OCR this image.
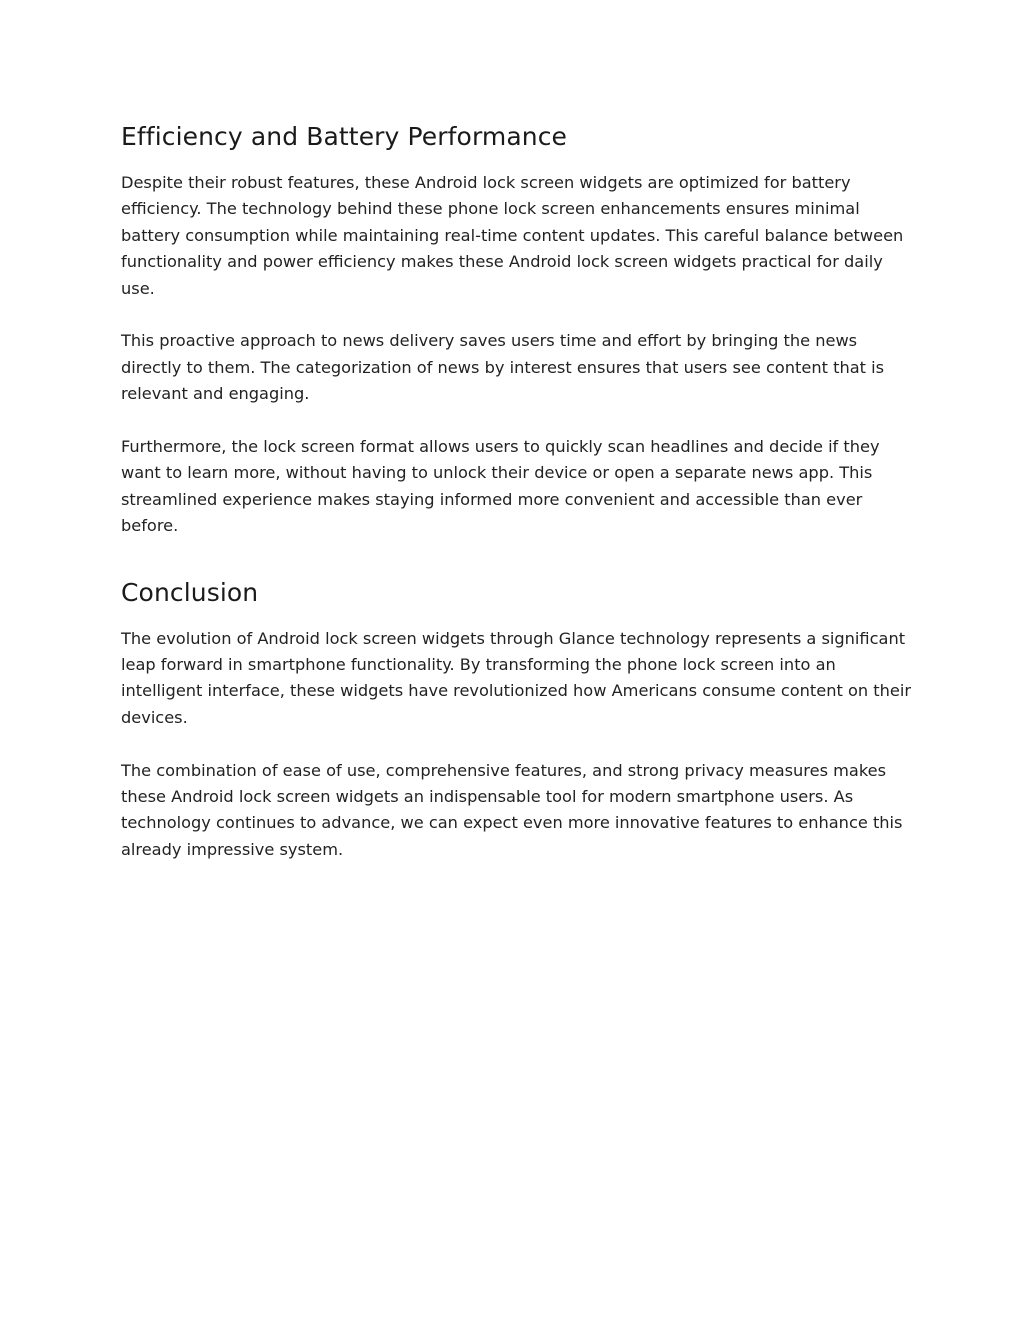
Efficiency and Battery Performance

Despite their robust features, these Android lock screen widgets are optimized for battery efficiency. The technology behind these phone lock screen enhancements ensures minimal battery consumption while maintaining real-time content updates. This careful balance between functionality and power efficiency makes these Android lock screen widgets practical for daily use.

This proactive approach to news delivery saves users time and effort by bringing the news directly to them. The categorization of news by interest ensures that users see content that is relevant and engaging.

Furthermore, the lock screen format allows users to quickly scan headlines and decide if they want to learn more, without having to unlock their device or open a separate news app. This streamlined experience makes staying informed more convenient and accessible than ever before.

Conclusion

The evolution of Android lock screen widgets through Glance technology represents a significant leap forward in smartphone functionality. By transforming the phone lock screen into an intelligent interface, these widgets have revolutionized how Americans consume content on their devices.

The combination of ease of use, comprehensive features, and strong privacy measures makes these Android lock screen widgets an indispensable tool for modern smartphone users. As technology continues to advance, we can expect even more innovative features to enhance this already impressive system.
